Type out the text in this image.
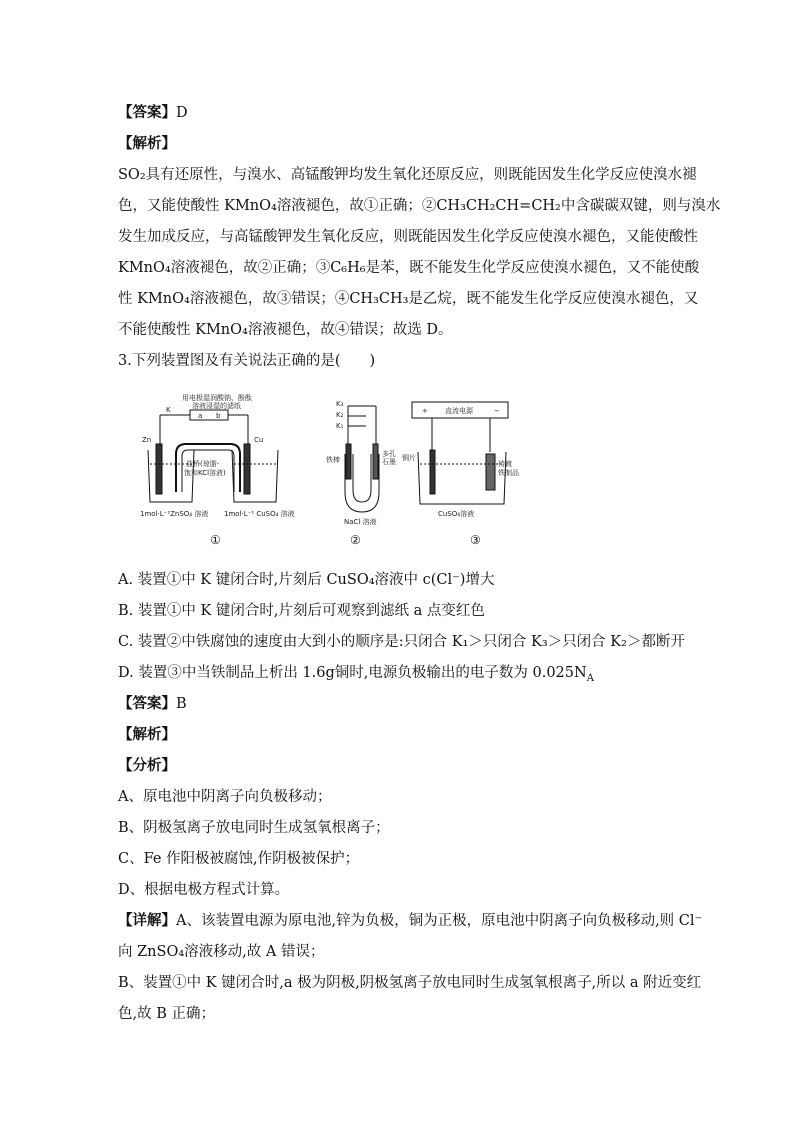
【答案】D
【解析】
SO₂具有还原性，与溴水、高锰酸钾均发生氧化还原反应，则既能因发生化学反应使溴水褪
色，又能使酸性 KMnO₄溶液褪色，故①正确；②CH₃CH₂CH=CH₂中含碳碳双键，则与溴水
发生加成反应，与高锰酸钾发生氧化反应，则既能因发生化学反应使溴水褪色，又能使酸性
KMnO₄溶液褪色，故②正确；③C₆H₆是苯，既不能发生化学反应使溴水褪色，又不能使酸
性 KMnO₄溶液褪色，故③错误；④CH₃CH₃是乙烷，既不能发生化学反应使溴水褪色，又
不能使酸性 KMnO₄溶液褪色，故④错误；故选 D。
3.下列装置图及有关说法正确的是(　　)
用电极湿润酸钠、酚酞
溶液浸湿的滤纸
K
a b
Zn	Cu
盐桥(琼脂-
饱和KCl溶液)
1mol·L⁻¹ZnSO₄ 溶液 1mol·L⁻¹ CuSO₄ 溶液
K₃
K₂
K₁
铁棒
多孔
石墨
NaCl 溶液
直流电源
+	−
铜片
待镀
铁制品
CuSO₄溶液
①	②	③
A. 装置①中 K 键闭合时,片刻后 CuSO₄溶液中 c(Cl⁻)增大
B. 装置①中 K 键闭合时,片刻后可观察到滤纸 a 点变红色
C. 装置②中铁腐蚀的速度由大到小的顺序是:只闭合 K₁＞只闭合 K₃＞只闭合 K₂＞都断开
D. 装置③中当铁制品上析出 1.6g铜时,电源负极输出的电子数为 $0.025N_A$
【答案】B
【解析】
【分析】
A、原电池中阴离子向负极移动；
B、阴极氢离子放电同时生成氢氧根离子；
C、Fe 作阳极被腐蚀,作阴极被保护；
D、根据电极方程式计算。
【详解】A、该装置电源为原电池,锌为负极，铜为正极，原电池中阴离子向负极移动,则 Cl⁻
向 ZnSO₄溶液移动,故 A 错误；
B、装置①中 K 键闭合时,a 极为阴极,阴极氢离子放电同时生成氢氧根离子,所以 a 附近变红
色,故 B 正确；
